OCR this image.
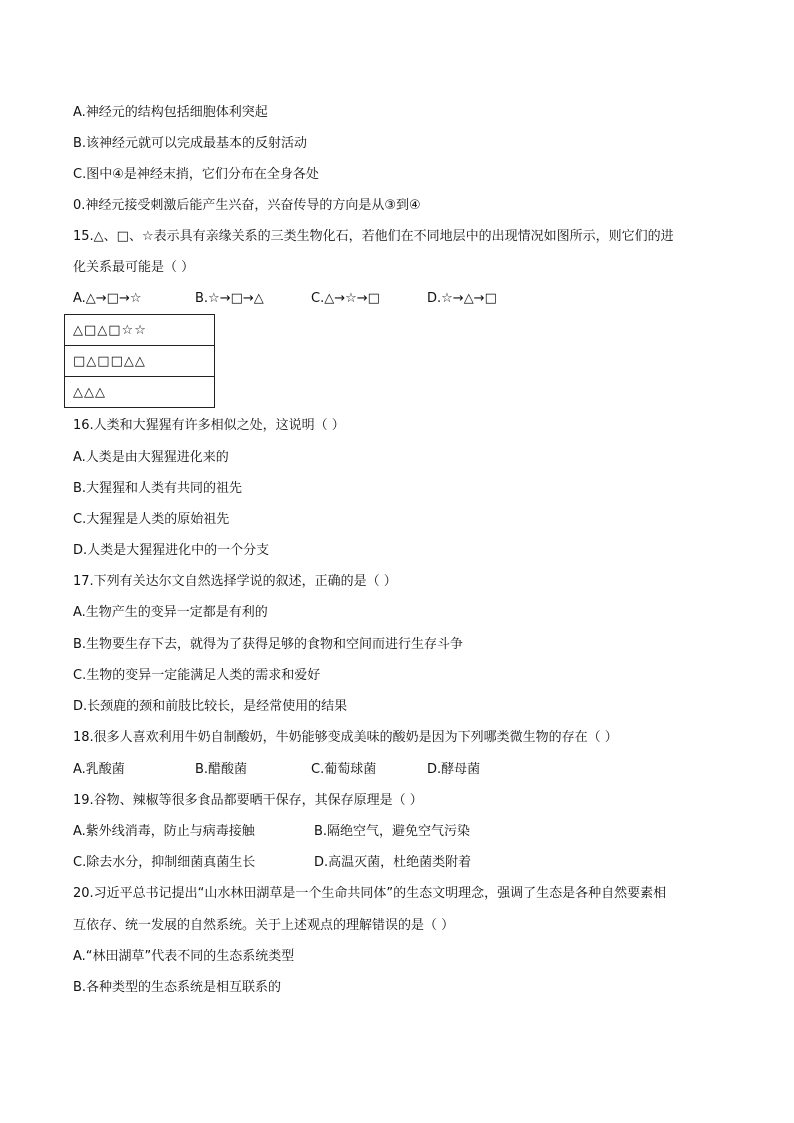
A.神经元的结构包括细胞体利突起
B.该神经元就可以完成最基本的反射活动
C.图中④是神经末捎，它们分布在全身各处
0.神经元接受刺激后能产生兴奋，兴奋传导的方向是从③到④
15.△、□、☆表示具有亲缘关系的三类生物化石，若他们在不同地层中的出现情况如图所示，则它们的进
化关系最可能是（ ）
A.△→□→☆	B.☆→□→△	C.△→☆→□	D.☆→△→□
△□△□☆☆
□△□□△△
△△△
16.人类和大猩猩有许多相似之处，这说明（ ）
A.人类是由大猩猩进化来的
B.大猩猩和人类有共同的祖先
C.大猩猩是人类的原始祖先
D.人类是大猩猩进化中的一个分支
17.下列有关达尔文自然选择学说的叙述，正确的是（ ）
A.生物产生的变异一定都是有利的
B.生物要生存下去，就得为了获得足够的食物和空间而进行生存斗争
C.生物的变异一定能满足人类的需求和爱好
D.长颈鹿的颈和前肢比较长，是经常使用的结果
18.很多人喜欢利用牛奶自制酸奶，牛奶能够变成美味的酸奶是因为下列哪类微生物的存在（ ）
A.乳酸菌	B.醋酸菌	C.葡萄球菌	D.酵母菌
19.谷物、辣椒等很多食品都要晒干保存，其保存原理是（ ）
A.紫外线消毒，防止与病毒接触	B.隔绝空气，避免空气污染
C.除去水分，抑制细菌真菌生长	D.高温灭菌，杜绝菌类附着
20.习近平总书记提出“山水林田湖草是一个生命共同体”的生态文明理念，强调了生态是各种自然要素相
互依存、统一发展的自然系统。关于上述观点的理解错误的是（ ）
A.“林田湖草”代表不同的生态系统类型
B.各种类型的生态系统是相互联系的
